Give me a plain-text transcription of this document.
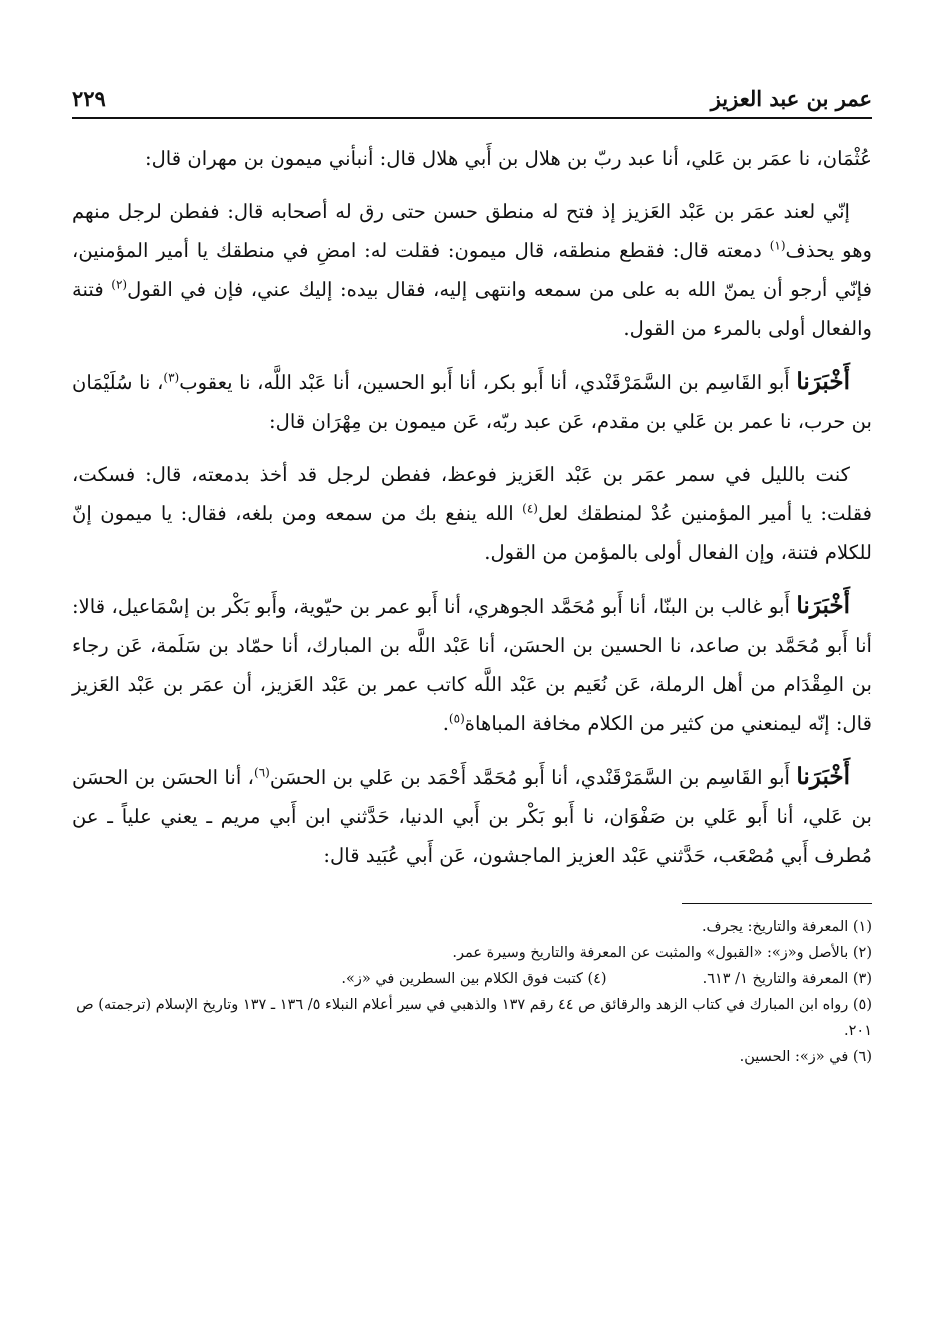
عمر بن عبد العزيز
٢٢٩

عُثْمَان، نا عمَر بن عَلي، أنا عبد ربّ بن هلال بن أَبي هلال قال: أنبأني ميمون بن مهران قال:

إنّي لعند عمَر بن عَبْد العَزيز إذ فتح له منطق حسن حتى رق له أصحابه قال: ففطن لرجل منهم وهو يحذف$^{(١)}$ دمعته قال: فقطع منطقه، قال ميمون: فقلت له: امضِ في منطقك يا أمير المؤمنين، فإنّي أرجو أن يمنّ الله به على من سمعه وانتهى إليه، فقال بيده: إليك عني، فإن في القول$^{(٢)}$ فتنة والفعال أولى بالمرء من القول.

أَخْبَرَنا أَبو القَاسِم بن السَّمَرْقَنْدي، أنا أَبو بكر، أنا أَبو الحسين، أنا عَبْد اللَّه، نا يعقوب$^{(٣)}$، نا سُلَيْمَان بن حرب، نا عمر بن عَلي بن مقدم، عَن عبد ربّه، عَن ميمون بن مِهْرَان قال:

كنت بالليل في سمر عمَر بن عَبْد العَزيز فوعظ، ففطن لرجل قد أخذ بدمعته، قال: فسكت، فقلت: يا أمير المؤمنين عُدْ لمنطقك لعل$^{(٤)}$ الله ينفع بك من سمعه ومن بلغه، فقال: يا ميمون إنّ للكلام فتنة، وإن الفعال أولى بالمؤمن من القول.

أَخْبَرَنا أَبو غالب بن البنّا، أنا أَبو مُحَمَّد الجوهري، أنا أَبو عمر بن حيّوية، وأَبو بَكْر بن إسْمَاعيل، قالا: أنا أَبو مُحَمَّد بن صاعد، نا الحسين بن الحسَن، أنا عَبْد اللَّه بن المبارك، أنا حمّاد بن سَلَمة، عَن رجاء بن المِقْدَام من أهل الرملة، عَن نُعَيم بن عَبْد اللَّه كاتب عمر بن عَبْد العَزيز، أن عمَر بن عَبْد العَزيز قال: إنّه ليمنعني من كثير من الكلام مخافة المباهاة$^{(٥)}$.

أَخْبَرَنا أَبو القَاسِم بن السَّمَرْقَنْدي، أنا أَبو مُحَمَّد أَحْمَد بن عَلي بن الحسَن$^{(٦)}$، أنا الحسَن بن الحسَن بن عَلي، أنا أَبو عَلي بن صَفْوَان، نا أَبو بَكْر بن أَبي الدنيا، حَدَّثني ابن أَبي مريم ـ يعني علياً ـ عن مُطرف أَبي مُصْعَب، حَدَّثني عَبْد العزيز الماجشون، عَن أَبي عُبَيد قال:

(١) المعرفة والتاريخ: يجرف.
(٢) بالأصل و«ز»: «القبول» والمثبت عن المعرفة والتاريخ وسيرة عمر.
(٣) المعرفة والتاريخ ١/ ٦١٣.
(٤) كتبت فوق الكلام بين السطرين في «ز».
(٥) رواه ابن المبارك في كتاب الزهد والرقائق ص ٤٤ رقم ١٣٧ والذهبي في سير أعلام النبلاء ٥/ ١٣٦ ـ ١٣٧ وتاريخ الإسلام (ترجمته) ص ٢٠١.
(٦) في «ز»: الحسين.
